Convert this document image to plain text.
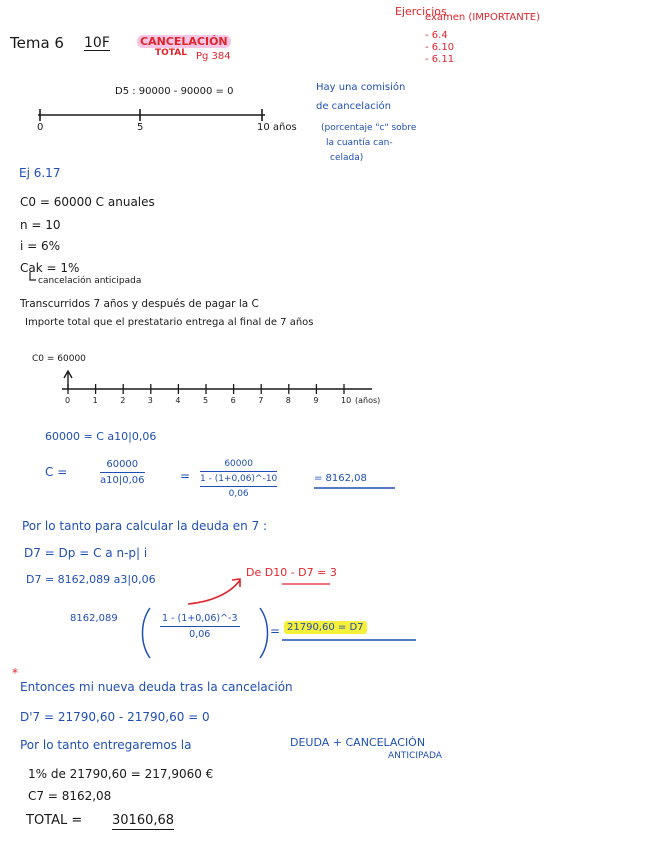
Tema 6 10F	CANCELACIÓN
TOTAL Pg 384
Ejercicios
examen (IMPORTANTE)
- 6.4
- 6.10
- 6.11
D5 : 90000 - 90000 = 0
0	5	10 años
Hay una comisión
de cancelación
(porcentaje "c" sobre
la cuantía can-
celada)
Ej 6.17
C0 = 60000 C anuales
n = 10
i = 6%
Cak = 1%
cancelación anticipada
Transcurridos 7 años y después de pagar la C
Importe total que el prestatario entrega al final de 7 años
C0 = 60000
0	1	2	3	4	5	6	7	8	9	10 (años)
60000 = C a10|0,06
C =	$\frac{60000}{a10|0,06}$	=
60000
1 - (1+0,06)^-10
0,06
= 8162,08
Por lo tanto para calcular la deuda en 7 :
D7 = Dp = C a n-p| i
D7 = 8162,089 a3|0,06
De D10 - D7 = 3
8162,089	$\frac{1 - (1+0,06)\^{}-3}{0,06}$	= 21790,60 = D7
*
Entonces mi nueva deuda tras la cancelación
D'7 = 21790,60 - 21790,60 = 0
Por lo tanto entregaremos la	DEUDA + CANCELACIÓN
ANTICIPADA
1% de 21790,60 = 217,9060 €
C7 = 8162,08
TOTAL = 30160,68
